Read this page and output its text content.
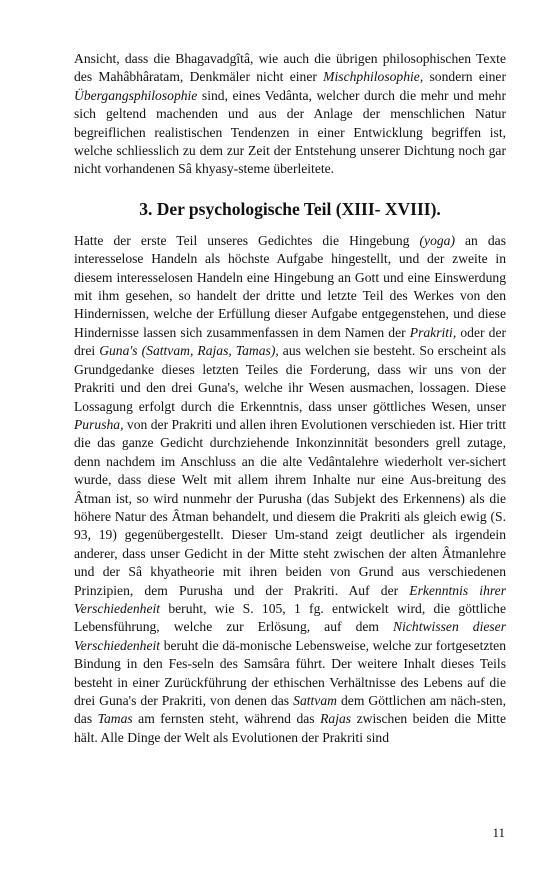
Ansicht, dass die Bhagavadgîtâ, wie auch die übrigen philosophischen Texte des Mahâbhâratam, Denkmäler nicht einer Mischphilosophie, sondern einer Übergangsphilosophie sind, eines Vedânta, welcher durch die mehr und mehr sich geltend machenden und aus der Anlage der menschlichen Natur begreiflichen realistischen Tendenzen in einer Entwicklung begriffen ist, welche schliesslich zu dem zur Zeit der Entstehung unserer Dichtung noch gar nicht vorhandenen Sâ khyasy-steme überleitete.

3. Der psychologische Teil (XIII- XVIII).

Hatte der erste Teil unseres Gedichtes die Hingebung (yoga) an das interesselose Handeln als höchste Aufgabe hingestellt, und der zweite in diesem interesselosen Handeln eine Hingebung an Gott und eine Einswerdung mit ihm gesehen, so handelt der dritte und letzte Teil des Werkes von den Hindernissen, welche der Erfüllung dieser Aufgabe entgegenstehen, und diese Hindernisse lassen sich zusammenfassen in dem Namen der Prakriti, oder der drei Guna's (Sattvam, Rajas, Tamas), aus welchen sie besteht. So erscheint als Grundgedanke dieses letzten Teiles die Forderung, dass wir uns von der Prakriti und den drei Guna's, welche ihr Wesen ausmachen, lossagen. Diese Lossagung erfolgt durch die Erkenntnis, dass unser göttliches Wesen, unser Purusha, von der Prakriti und allen ihren Evolutionen verschieden ist. Hier tritt die das ganze Gedicht durchziehende Inkonzinnität besonders grell zutage, denn nachdem im Anschluss an die alte Vedântalehre wiederholt ver-sichert wurde, dass diese Welt mit allem ihrem Inhalte nur eine Aus-breitung des Âtman ist, so wird nunmehr der Purusha (das Subjekt des Erkennens) als die höhere Natur des Âtman behandelt, und diesem die Prakriti als gleich ewig (S. 93, 19) gegenübergestellt. Dieser Um-stand zeigt deutlicher als irgendein anderer, dass unser Gedicht in der Mitte steht zwischen der alten Âtmanlehre und der Sâ khyatheorie mit ihren beiden von Grund aus verschiedenen Prinzipien, dem Purusha und der Prakriti. Auf der Erkenntnis ihrer Verschiedenheit beruht, wie S. 105, 1 fg. entwickelt wird, die göttliche Lebensführung, welche zur Erlösung, auf dem Nichtwissen dieser Verschiedenheit beruht die dä-monische Lebensweise, welche zur fortgesetzten Bindung in den Fes-seln des Samsâra führt. Der weitere Inhalt dieses Teils besteht in einer Zurückführung der ethischen Verhältnisse des Lebens auf die drei Guna's der Prakriti, von denen das Sattvam dem Göttlichen am näch-sten, das Tamas am fernsten steht, während das Rajas zwischen beiden die Mitte hält. Alle Dinge der Welt als Evolutionen der Prakriti sind

11
